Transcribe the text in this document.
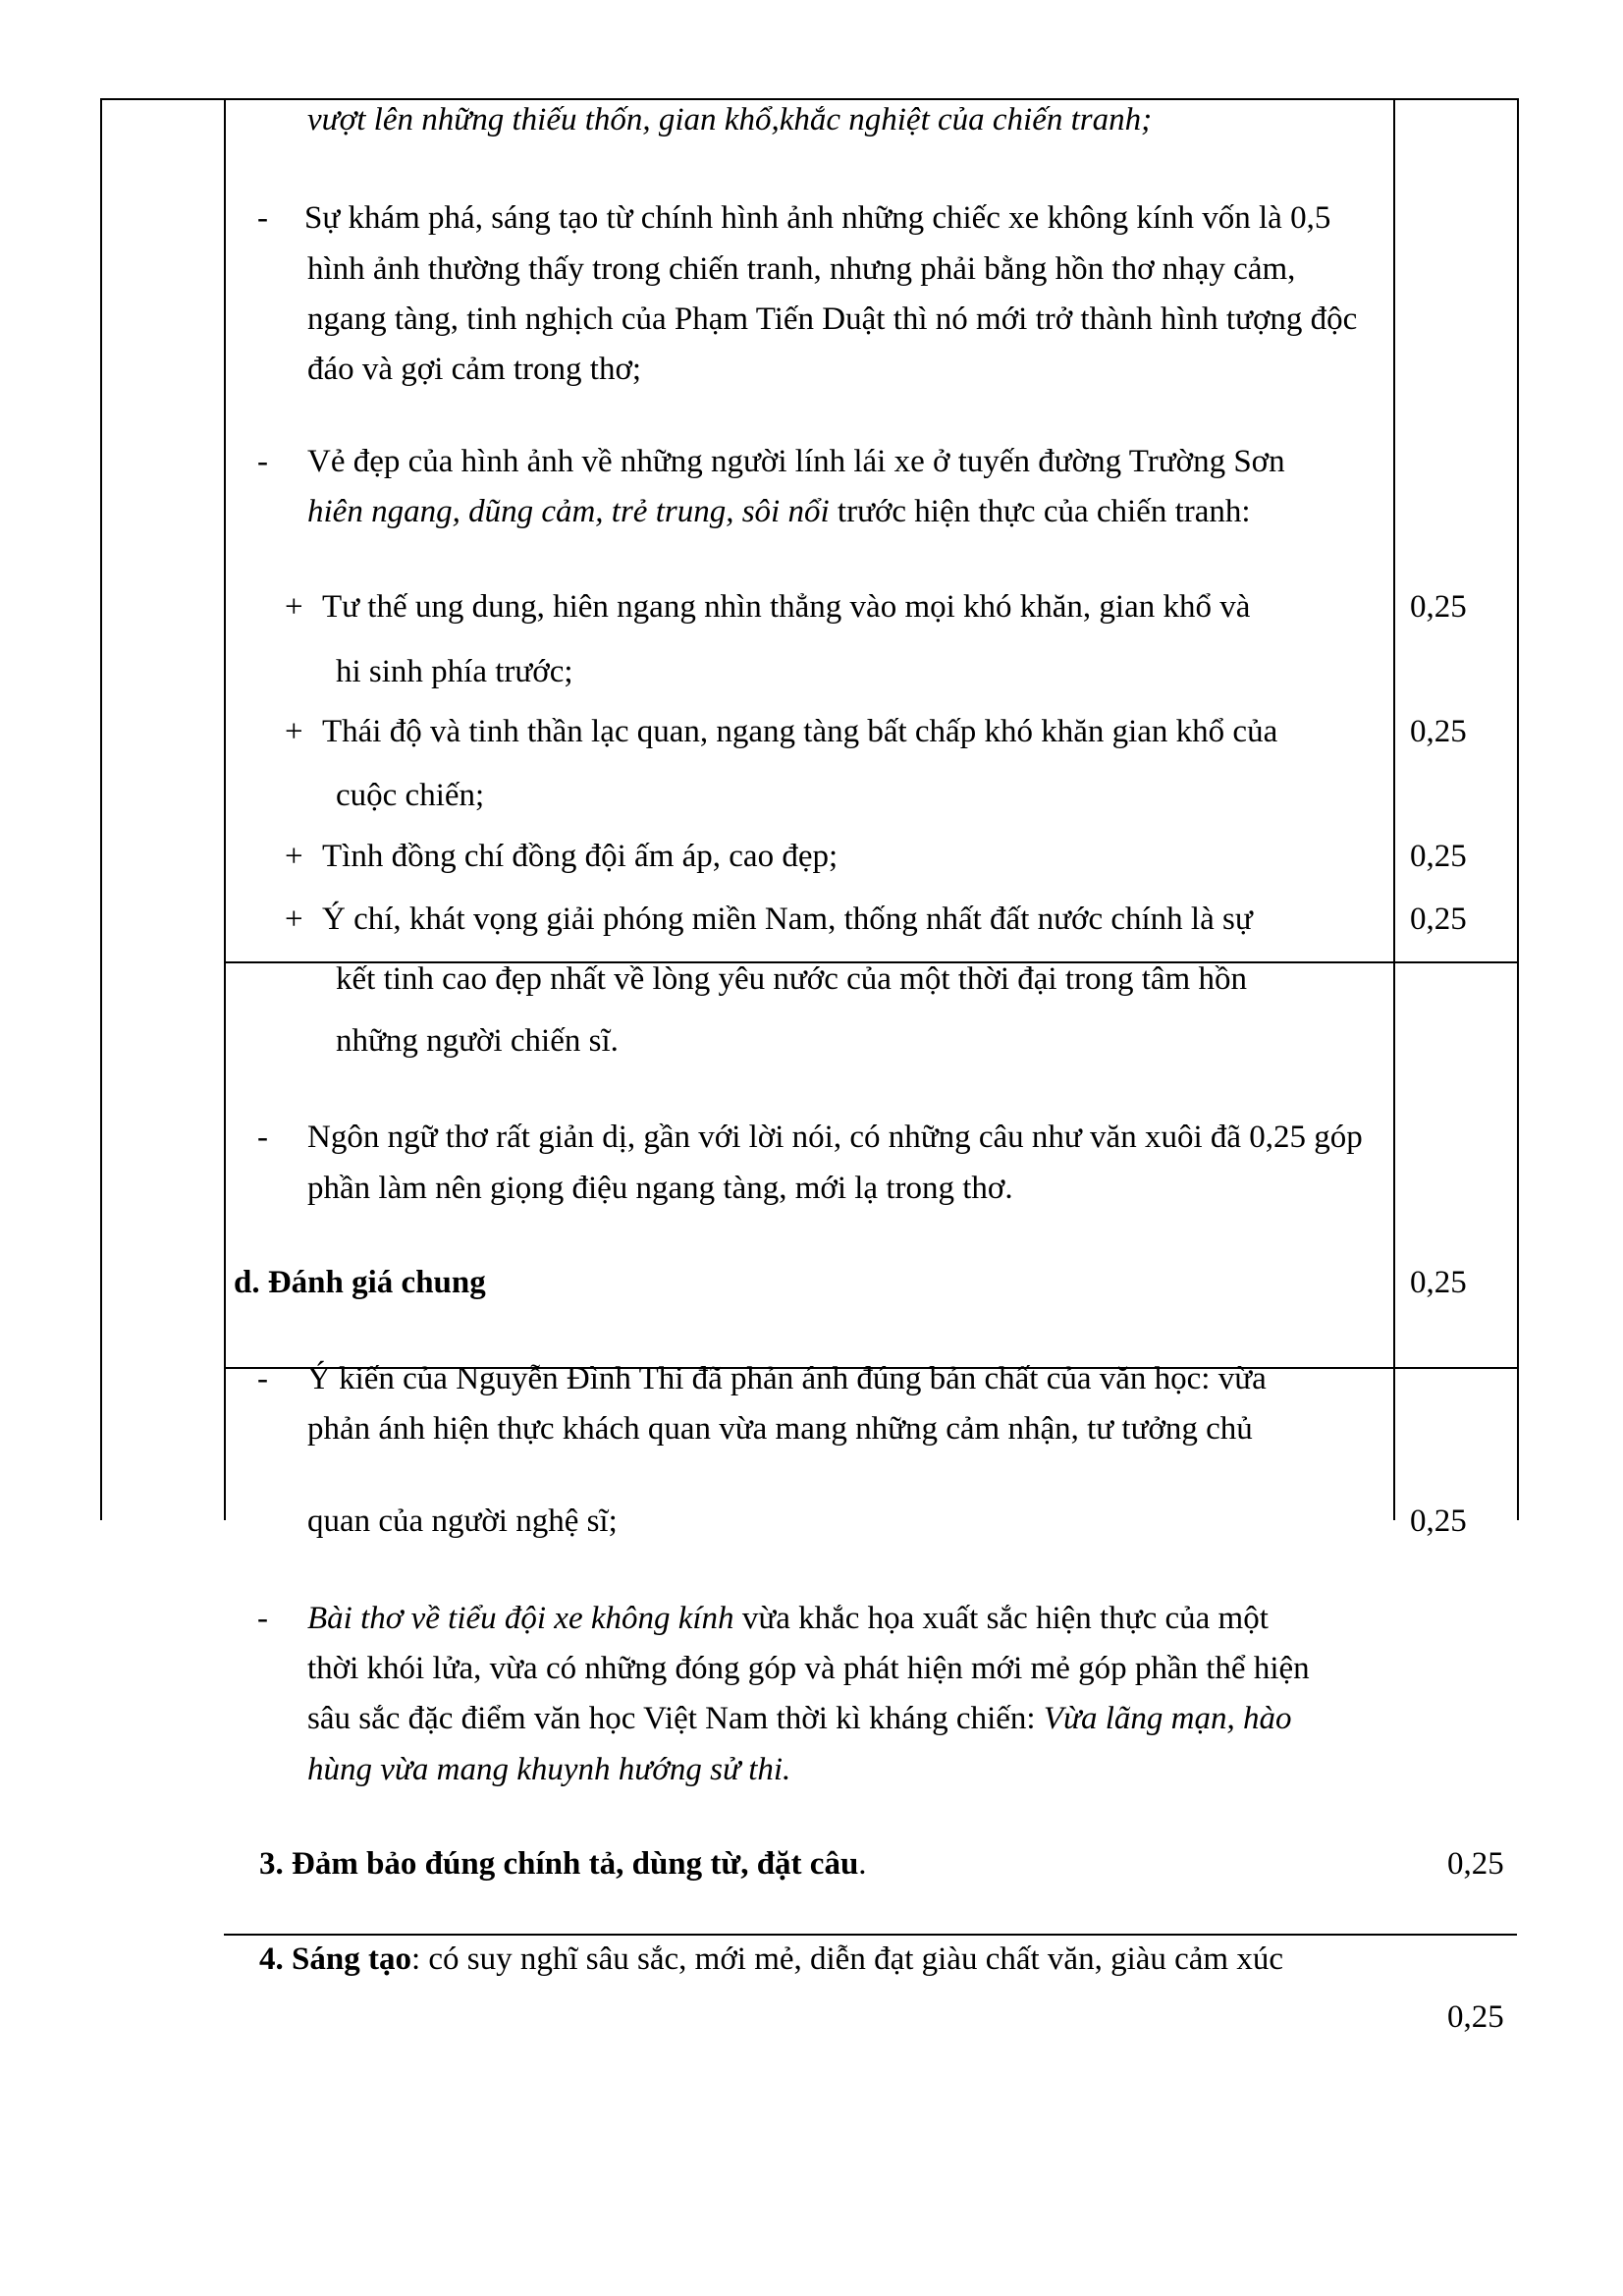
vượt lên những thiếu thốn, gian khổ,khắc nghiệt của chiến tranh;
- Sự khám phá, sáng tạo từ chính hình ảnh những chiếc xe không kính vốn là 0,5
hình ảnh thường thấy trong chiến tranh, nhưng phải bằng hồn thơ nhạy cảm,
ngang tàng, tinh nghịch của Phạm Tiến Duật thì nó mới trở thành hình tượng độc
đáo và gợi cảm trong thơ;
- Vẻ đẹp của hình ảnh về những người lính lái xe ở tuyến đường Trường Sơn
hiên ngang, dũng cảm, trẻ trung, sôi nổi trước hiện thực của chiến tranh:
+ Tư thế ung dung, hiên ngang nhìn thẳng vào mọi khó khăn, gian khổ và	0,25
hi sinh phía trước;
+ Thái độ và tinh thần lạc quan, ngang tàng bất chấp khó khăn gian khổ của	0,25
cuộc chiến;
+ Tình đồng chí đồng đội ấm áp, cao đẹp;	0,25
+ Ý chí, khát vọng giải phóng miền Nam, thống nhất đất nước chính là sự	0,25
kết tinh cao đẹp nhất về lòng yêu nước của một thời đại trong tâm hồn
những người chiến sĩ.
- Ngôn ngữ thơ rất giản dị, gần với lời nói, có những câu như văn xuôi đã 0,25 góp
phần làm nên giọng điệu ngang tàng, mới lạ trong thơ.
d. Đánh giá chung	0,25
- Ý kiến của Nguyễn Đình Thi đã phản ánh đúng bản chất của văn học: vừa
phản ánh hiện thực khách quan vừa mang những cảm nhận, tư tưởng chủ
quan của người nghệ sĩ;	0,25
- Bài thơ về tiểu đội xe không kính vừa khắc họa xuất sắc hiện thực của một
thời khói lửa, vừa có những đóng góp và phát hiện mới mẻ góp phần thể hiện
sâu sắc đặc điểm văn học Việt Nam thời kì kháng chiến: Vừa lãng mạn, hào
hùng vừa mang khuynh hướng sử thi.
3. Đảm bảo đúng chính tả, dùng từ, đặt câu.	0,25
4. Sáng tạo: có suy nghĩ sâu sắc, mới mẻ, diễn đạt giàu chất văn, giàu cảm xúc
0,25
